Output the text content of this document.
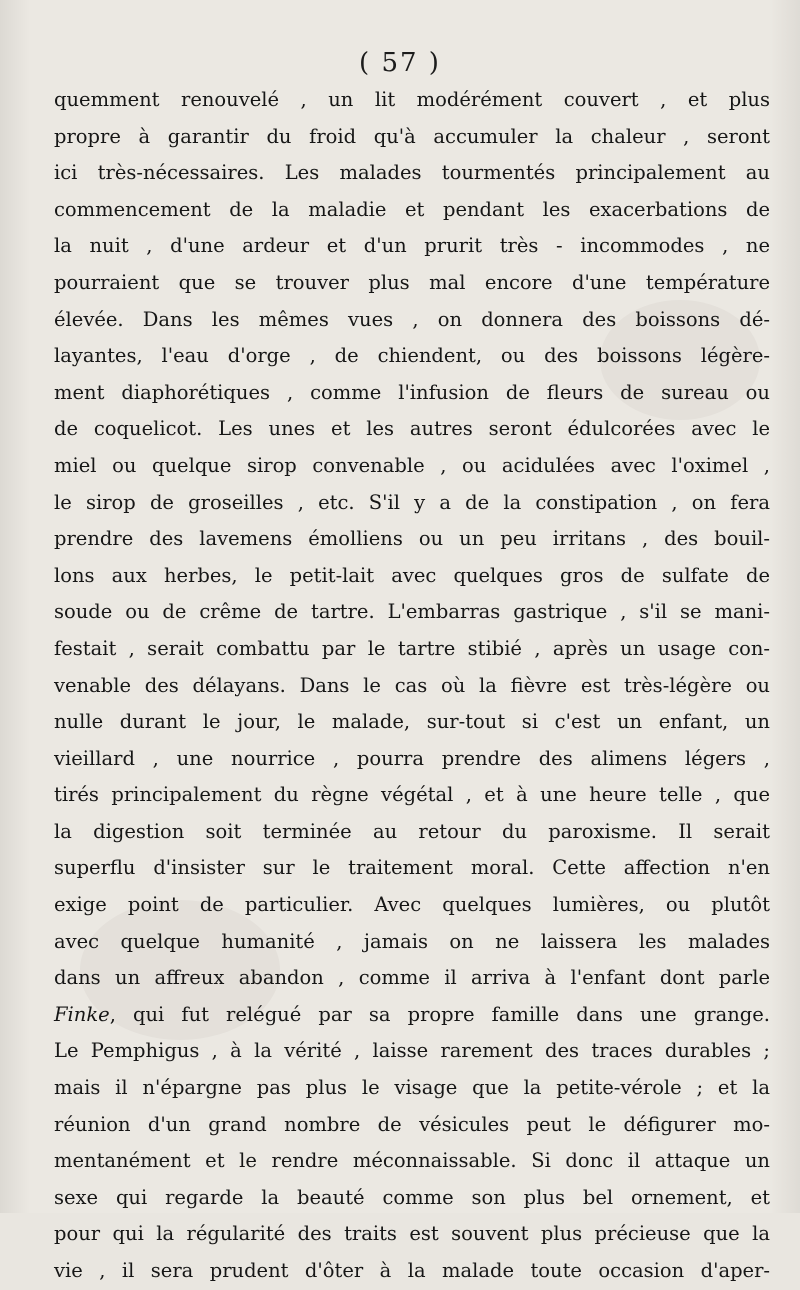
( 57 )
quemment renouvelé , un lit modérément couvert , et plus
propre à garantir du froid qu'à accumuler la chaleur , seront
ici très-nécessaires. Les malades tourmentés principalement au
commencement de la maladie et pendant les exacerbations de
la nuit , d'une ardeur et d'un prurit très - incommodes , ne
pourraient que se trouver plus mal encore d'une température
élevée. Dans les mêmes vues , on donnera des boissons dé-
layantes, l'eau d'orge , de chiendent, ou des boissons légère-
ment diaphorétiques , comme l'infusion de fleurs de sureau ou
de coquelicot. Les unes et les autres seront édulcorées avec le
miel ou quelque sirop convenable , ou acidulées avec l'oximel ,
le sirop de groseilles , etc. S'il y a de la constipation , on fera
prendre des lavemens émolliens ou un peu irritans , des bouil-
lons aux herbes, le petit-lait avec quelques gros de sulfate de
soude ou de crême de tartre. L'embarras gastrique , s'il se mani-
festait , serait combattu par le tartre stibié , après un usage con-
venable des délayans. Dans le cas où la fièvre est très-légère ou
nulle durant le jour, le malade, sur-tout si c'est un enfant, un
vieillard , une nourrice , pourra prendre des alimens légers ,
tirés principalement du règne végétal , et à une heure telle , que
la digestion soit terminée au retour du paroxisme. Il serait
superflu d'insister sur le traitement moral. Cette affection n'en
exige point de particulier. Avec quelques lumières, ou plutôt
avec quelque humanité , jamais on ne laissera les malades
dans un affreux abandon , comme il arriva à l'enfant dont parle
Finke, qui fut relégué par sa propre famille dans une grange.
Le Pemphigus , à la vérité , laisse rarement des traces durables ;
mais il n'épargne pas plus le visage que la petite-vérole ; et la
réunion d'un grand nombre de vésicules peut le défigurer mo-
mentanément et le rendre méconnaissable. Si donc il attaque un
sexe qui regarde la beauté comme son plus bel ornement, et
pour qui la régularité des traits est souvent plus précieuse que la
vie , il sera prudent d'ôter à la malade toute occasion d'aper-
